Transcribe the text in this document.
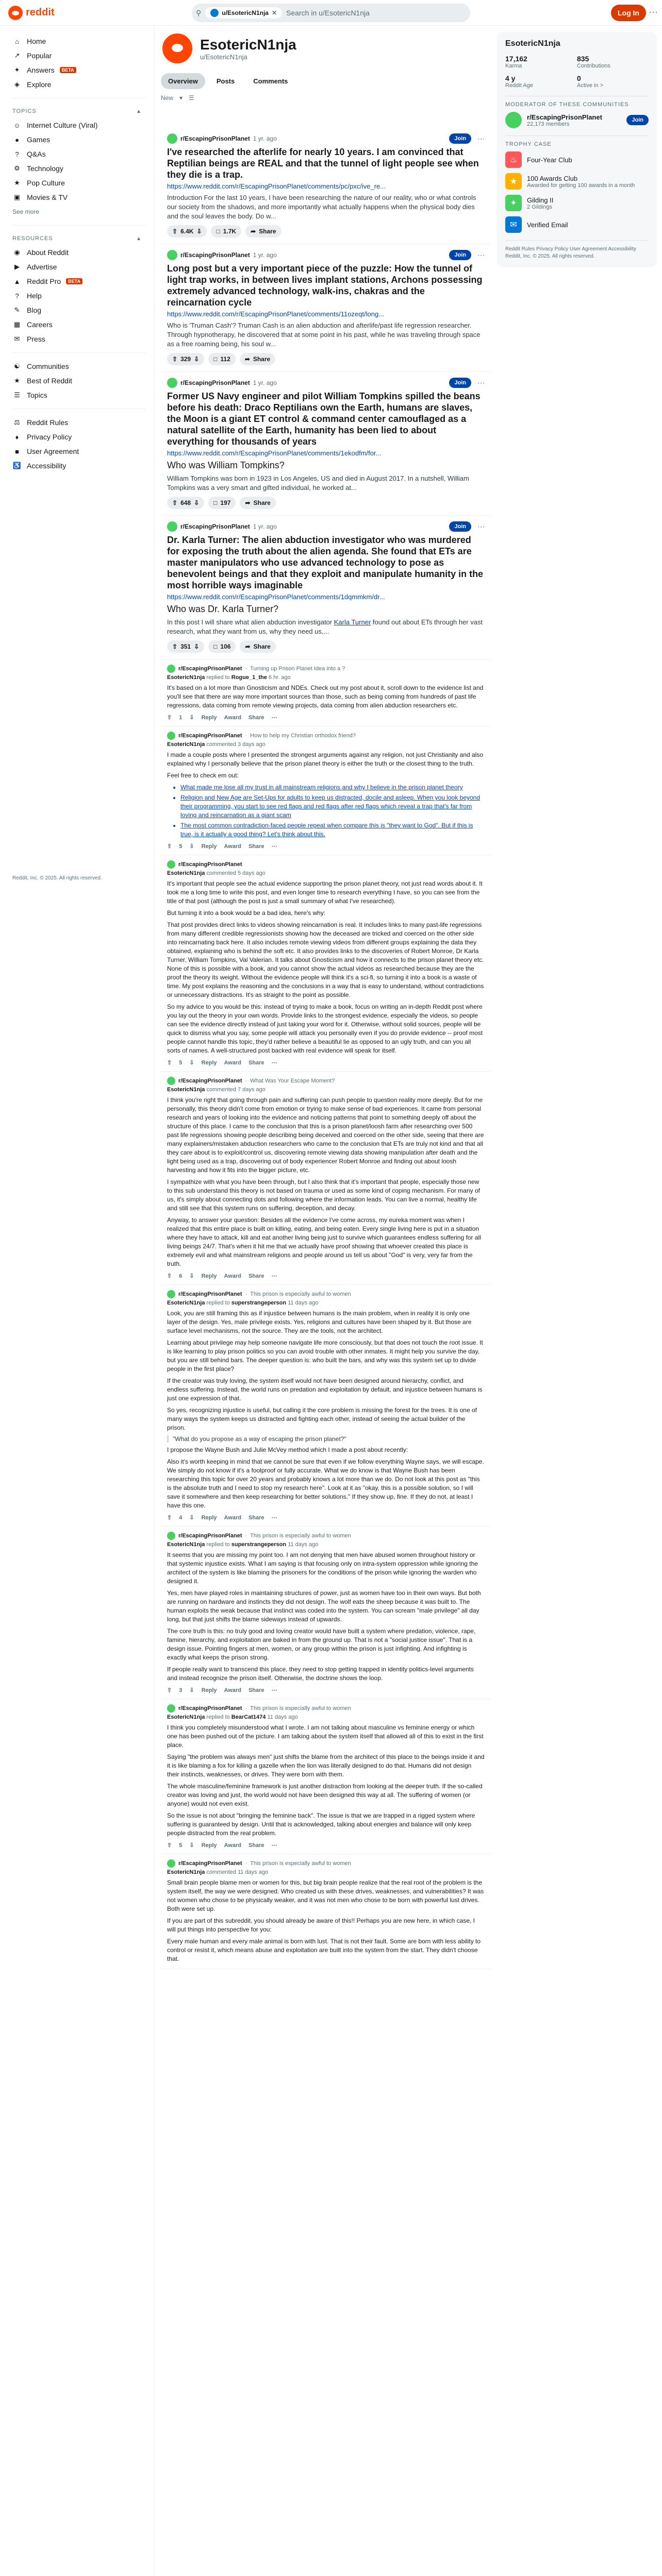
reddit	⚲	u/EsotericN1nja ✕ Search in u/EsotericN1nja	Log In	···
⌂	Home
↗ Popular
✦ Answers	BETA
◈ Explore
TOPICS	▲
☺ Internet Culture (Viral)
●	Games
?	Q&As
⚙ Technology
★ Pop Culture
▣ Movies & TV
See more
RESOURCES	▲
◉ About Reddit
▶ Advertise
▲ Reddit Pro	BETA
?	Help
✎ Blog
▦ Careers
✉ Press
☯ Communities
★ Best of Reddit
☰ Topics
⚖ Reddit Rules
♦	Privacy Policy
■	User Agreement
♿ Accessibility
Reddit, Inc. © 2025. All rights reserved.
EsotericN1nja
u/EsotericN1nja
Overview	Posts	Comments
New ▾ ☰
r/EscapingPrisonPlanet 1 yr. ago	Join	⋯
I've researched the afterlife for nearly 10 years. I am convinced that Reptilian beings are REAL and that the tunnel of light people see when they die is a trap.
https://www.reddit.com/r/EscapingPrisonPlanet/comments/pc/pxc/ive_re...
Introduction For the last 10 years, I have been researching the nature of our reality, who or what controls our society from the shadows, and more importantly what actually happens when the physical body dies and the soul leaves the body. Do w...
⇧ 6.4K ⇩ □ 1.7K ➦ Share
r/EscapingPrisonPlanet 1 yr. ago	Join	⋯
Long post but a very important piece of the puzzle: How the tunnel of light trap works, in between lives implant stations, Archons possessing extremely advanced technology, walk-ins, chakras and the reincarnation cycle
https://www.reddit.com/r/EscapingPrisonPlanet/comments/11ozeqt/long...
Who is 'Truman Cash'? Truman Cash is an alien abduction and afterlife/past life regression researcher. Through hypnotherapy, he discovered that at some point in his past, while he was traveling through space as a free roaming being, his soul w...
⇧ 329 ⇩ □ 112 ➦ Share
r/EscapingPrisonPlanet 1 yr. ago	Join	⋯
Former US Navy engineer and pilot William Tompkins spilled the beans before his death: Draco Reptilians own the Earth, humans are slaves, the Moon is a giant ET control & command center camouflaged as a natural satellite of the Earth, humanity has been lied to about everything for thousands of years
https://www.reddit.com/r/EscapingPrisonPlanet/comments/1ekodfm/for...
Who was William Tompkins?
William Tompkins was born in 1923 in Los Angeles, US and died in August 2017. In a nutshell, William Tompkins was a very smart and gifted individual, he worked at...
⇧ 648 ⇩ □ 197 ➦ Share
r/EscapingPrisonPlanet 1 yr. ago	Join	⋯
Dr. Karla Turner: The alien abduction investigator who was murdered for exposing the truth about the alien agenda. She found that ETs are master manipulators who use advanced technology to pose as benevolent beings and that they exploit and manipulate humanity in the most horrible ways imaginable
https://www.reddit.com/r/EscapingPrisonPlanet/comments/1dqmmkm/dr...
Who was Dr. Karla Turner?
In this post I will share what alien abduction investigator Karla Turner found out about ETs through her vast research, what they want from us, why they need us,...
⇧ 351 ⇩ □ 106 ➦ Share
r/EscapingPrisonPlanet · Turning up Prison Planet Idea into a ?
EsotericN1nja replied to Rogue_1_the 6 hr. ago

It's based on a lot more than Gnosticism and NDEs. Check out my post about it, scroll down to the evidence list and you'll see that there are way more important sources than those, such as being coming from hundreds of past life regressions, data coming from remote viewing projects, data coming from alien abduction researchers etc.

⇧ 1 ⇩ Reply Award Share ⋯
r/EscapingPrisonPlanet · How to help my Christian orthodox friend?
EsotericN1nja commented 3 days ago

I made a couple posts where I presented the strongest arguments against any religion, not just Christianity and also explained why I personally believe that the prison planet theory is either the truth or the closest thing to the truth.

Feel free to check em out:

• What made me lose all my trust in all mainstream religions and why I believe in the prison planet theory
• Religion and New Age are Set-Ups for adults to keep us distracted, docile and asleep. When you look beyond their programming, you start to see red flags and red flags after red flags which reveal a trap that's far from loving and reincarnation as a giant scam
• The most common contradiction-faced people repeat when compare this is "they want to God". But if this is true, is it actually a good thing? Let's think about this.
⇧ 5 ⇩ Reply Award Share ⋯
r/EscapingPrisonPlanet
EsotericN1nja commented 5 days ago

It's important that people see the actual evidence supporting the prison planet theory, not just read words about it. It took me a long time to write this post, and even longer time to research everything I have, so you can see from the title of that post (although the post is just a small summary of what I've researched).

But turning it into a book would be a bad idea, here's why:

That post provides direct links to videos showing reincarnation is real. It includes links to many past-life regressions from many different credible regressionists showing how the deceased are tricked and coerced on the other side into reincarnating back here. It also includes remote viewing videos from different groups explaining the data they obtained, explaining who is behind the soft etc. It also provides links to the discoveries of Robert Monroe, Dr Karla Turner, William Tompkins, Val Valerian. It talks about Gnosticism and how it connects to the prison planet theory etc. None of this is possible with a book, and you cannot show the actual videos as researched because they are the proof the theory its weight. Without the evidence people will think it's a sci-fi, so turning it into a book is a waste of time. My post explains the reasoning and the conclusions in a way that is easy to understand, without contradictions or unnecessary distractions. It's as straight to the point as possible.

So my advice to you would be this: instead of trying to make a book, focus on writing an in-depth Reddit post where you lay out the theory in your own words. Provide links to the strongest evidence, especially the videos, so people can see the evidence directly instead of just taking your word for it. Otherwise, without solid sources, people will be quick to dismiss what you say, some people will attack you personally even if you do provide evidence -- proof most people cannot handle this topic, they'd rather believe a beautiful lie as opposed to an ugly truth, and can you all sorts of names. A well-structured post backed with real evidence will speak for itself.

⇧ 5 ⇩ Reply Award Share ⋯
r/EscapingPrisonPlanet · What Was Your Escape Moment?
EsotericN1nja commented 7 days ago

I think you're right that going through pain and suffering can push people to question reality more deeply. But for me personally, this theory didn't come from emotion or trying to make sense of bad experiences. It came from personal research and years of looking into the evidence and noticing patterns that point to something deeply off about the structure of this place. I came to the conclusion that this is a prison planet/loosh farm after researching over 500 past life regressions showing people describing being deceived and coerced on the other side, seeing that there are many explainers/mistaken abduction researchers who came to the conclusion that ETs are truly not kind and that all they care about is to exploit/control us, discovering remote viewing data showing manipulation after death and the light being used as a trap, discovering out of body experiencer Robert Monroe and finding out about loosh harvesting and how it fits into the bigger picture, etc.

I sympathize with what you have been through, but I also think that it's important that people, especially those new to this sub understand this theory is not based on trauma or used as some kind of coping mechanism. For many of us, it's simply about connecting dots and following where the information leads. You can live a normal, healthy life and still see that this system runs on suffering, deception, and decay.

Anyway, to answer your question: Besides all the evidence I've come across, my eureka moment was when I realized that this entire place is built on killing, eating, and being eaten. Every single living here is put in a situation where they have to attack, kill and eat another living being just to survive which guarantees endless suffering for all living beings 24/7. That's when it hit me that we actually have proof showing that whoever created this place is extremely evil and what mainstream religions and people around us tell us about "God" is very, very far from the truth.

⇧ 6 ⇩ Reply Award Share ⋯
r/EscapingPrisonPlanet · This prison is especially awful to women
EsotericN1nja replied to superstrangeperson 11 days ago

Look, you are still framing this as if injustice between humans is the main problem, when in reality it is only one layer of the design. Yes, male privilege exists. Yes, religions and cultures have been shaped by it. But those are surface level mechanisms, not the source. They are the tools, not the architect.

Learning about privilege may help someone navigate life more consciously, but that does not touch the root issue. It is like learning to play prison politics so you can avoid trouble with other inmates. It might help you survive the day, but you are still behind bars. The deeper question is: who built the bars, and why was this system set up to divide people in the first place?

If the creator was truly loving, the system itself would not have been designed around hierarchy, conflict, and endless suffering. Instead, the world runs on predation and exploitation by default, and injustice between humans is just one expression of that.

So yes, recognizing injustice is useful, but calling it the core problem is missing the forest for the trees. It is one of many ways the system keeps us distracted and fighting each other, instead of seeing the actual builder of the prison.

"What do you propose as a way of escaping the prison planet?"

I propose the Wayne Bush and Julie McVey method which I made a post about recently:

Also it's worth keeping in mind that we cannot be sure that even if we follow everything Wayne says, we will escape. We simply do not know if it's a foolproof or fully accurate. What we do know is that Wayne Bush has been researching this topic for over 20 years and probably knows a lot more than we do. Do not look at this post as "this is the absolute truth and I need to stop my research here". Look at it as "okay, this is a possible solution, so I will save it somewhere and then keep researching for better solutions." If they show up, fine. If they do not, at least I have this one.

⇧ 4 ⇩ Reply Award Share ⋯
r/EscapingPrisonPlanet · This prison is especially awful to women
EsotericN1nja replied to superstrangeperson 11 days ago

It seems that you are missing my point too. I am not denying that men have abused women throughout history or that systemic injustice exists. What I am saying is that focusing only on intra-system oppression while ignoring the architect of the system is like blaming the prisoners for the conditions of the prison while ignoring the warden who designed it.

Yes, men have played roles in maintaining structures of power, just as women have too in their own ways. But both are running on hardware and instincts they did not design. The wolf eats the sheep because it was built to. The human exploits the weak because that instinct was coded into the system. You can scream "male privilege" all day long, but that just shifts the blame sideways instead of upwards.

The core truth is this: no truly good and loving creator would have built a system where predation, violence, rape, famine, hierarchy, and exploitation are baked in from the ground up. That is not a "social justice issue". That is a design issue. Pointing fingers at men, women, or any group within the prison is just infighting. And infighting is exactly what keeps the prison strong.

If people really want to transcend this place, they need to stop getting trapped in identity politics-level arguments and instead recognize the prison itself. Otherwise, the doctrine shows the loop.

⇧ 3 ⇩ Reply Award Share ⋯
r/EscapingPrisonPlanet · This prison is especially awful to women
EsotericN1nja replied to BearCat1474 11 days ago

I think you completely misunderstood what I wrote. I am not talking about masculine vs feminine energy or which one has been pushed out of the picture. I am talking about the system itself that allowed all of this to exist in the first place.

Saying "the problem was always men" just shifts the blame from the architect of this place to the beings inside it and it is like blaming a fox for killing a gazelle when the lion was literally designed to do that. Humans did not design their instincts, weaknesses, or drives. They were born with them.

The whole masculine/feminine framework is just another distraction from looking at the deeper truth. If the so-called creator was loving and just, the world would not have been designed this way at all. The suffering of women (or anyone) would not even exist.

So the issue is not about "bringing the feminine back". The issue is that we are trapped in a rigged system where suffering is guaranteed by design. Until that is acknowledged, talking about energies and balance will only keep people distracted from the real problem.

⇧ 5 ⇩ Reply Award Share ⋯
r/EscapingPrisonPlanet · This prison is especially awful to women
EsotericN1nja commented 11 days ago

Small brain people blame men or women for this, but big brain people realize that the real root of the problem is the system itself, the way we were designed. Who created us with these drives, weaknesses, and vulnerabilities? It was not women who chose to be physically weaker, and it was not men who chose to be born with powerful lust drives. Both were set up.

If you are part of this subreddit, you should already be aware of this!! Perhaps you are new here, in which case, I will put things into perspective for you:

Every male human and every male animal is born with lust. That is not their fault. Some are born with less ability to control or resist it, which means abuse and exploitation are built into the system from the start. They didn't choose that.

EsotericN1nja
17,162
Karma
835
Contributions
4 y
Reddit Age
0
Active in >
MODERATOR OF THESE COMMUNITIES
r/EscapingPrisonPlanet
22,173 members
Join
TROPHY CASE
♨	Four-Year Club
★	100 Awards Club
Awarded for getting 100 awards in a month
✦	Gilding II
2 Gildings
✉	Verified Email
Reddit Rules Privacy Policy User Agreement Accessibility Reddit, Inc. © 2025. All rights reserved.
